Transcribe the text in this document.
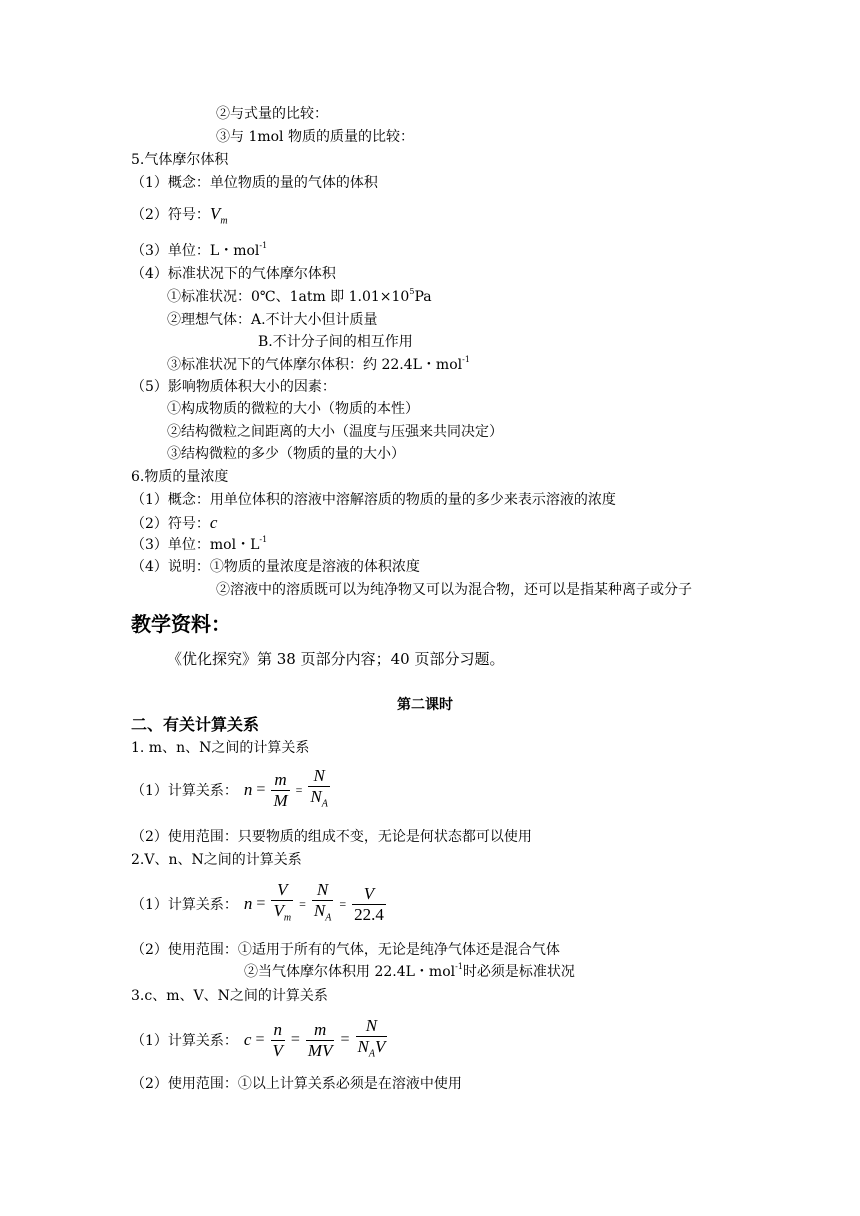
②与式量的比较：
③与 1mol 物质的质量的比较：
5.气体摩尔体积
（1）概念：单位物质的量的气体的体积
（2）符号：$V_m$
（3）单位：L・mol$^{-1}$
（4）标准状况下的气体摩尔体积
①标准状况：0℃、1atm 即 $1.01\times 10^5Pa$
②理想气体：A.不计大小但计质量
B.不计分子间的相互作用
③标准状况下的气体摩尔体积：约 22.4L・mol$^{-1}$
（5）影响物质体积大小的因素：
①构成物质的微粒的大小（物质的本性）
②结构微粒之间距离的大小（温度与压强来共同决定）
③结构微粒的多少（物质的量的大小）
6.物质的量浓度
（1）概念：用单位体积的溶液中溶解溶质的物质的量的多少来表示溶液的浓度
（2）符号：c
（3）单位：mol・$L^{-1}$
（4）说明：①物质的量浓度是溶液的体积浓度
②溶液中的溶质既可以为纯净物又可以为混合物，还可以是指某种离子或分子
教学资料：
《优化探究》第 38 页部分内容；40 页部分习题。
第二课时
二、有关计算关系
1. m、n、N之间的计算关系
（1）计算关系： $n = \frac{m}{M} = \frac{N}{N_A}$
（2）使用范围：只要物质的组成不变，无论是何状态都可以使用
2.V、n、N之间的计算关系
（1）计算关系： $n = \frac{V}{V_m} = \frac{N}{N_A} = \frac{V}{22.4}$
（2）使用范围：①适用于所有的气体，无论是纯净气体还是混合气体
②当气体摩尔体积用 22.4L・mol$^{-1}$时必须是标准状况
3.c、m、V、N之间的计算关系
（1）计算关系： $c = \frac{n}{V} = \frac{m}{MV} = \frac{N}{N_AV}$
（2）使用范围：①以上计算关系必须是在溶液中使用
